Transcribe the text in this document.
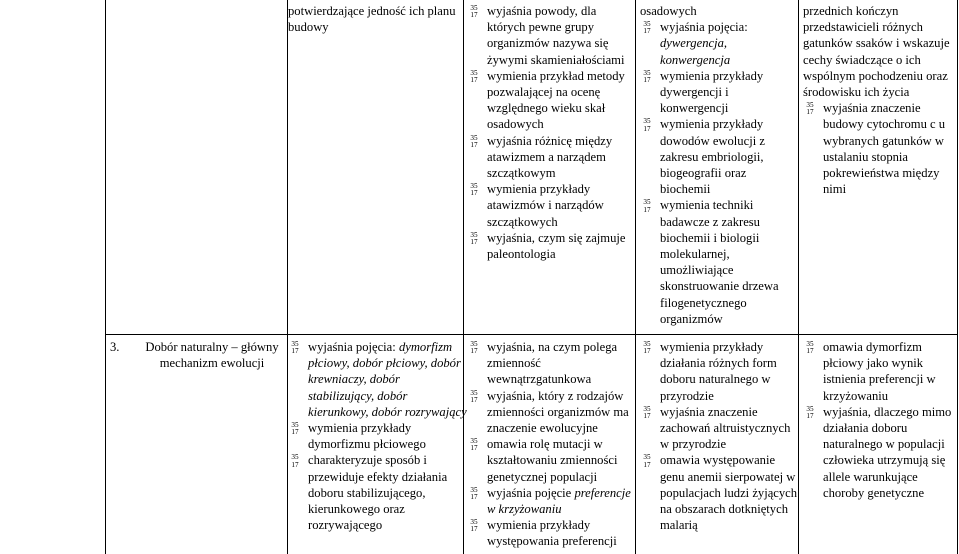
3.	Dobór naturalny – główny mechanizm ewolucji
potwierdzające jedność ich planu budowy
35
17 wyjaśnia powody, dla których pewne grupy organizmów nazywa się żywymi skamieniałościami
35
17 wymienia przykład metody pozwalającej na ocenę względnego wieku skał osadowych
35
17 wyjaśnia różnicę między atawizmem a narządem szczątkowym
35
17 wymienia przykłady atawizmów i narządów szczątkowych
35
17 wyjaśnia, czym się zajmuje paleontologia
osadowych
35
17 wyjaśnia pojęcia: dywergencja, konwergencja
35
17 wymienia przykłady dywergencji i konwergencji
35
17 wymienia przykłady dowodów ewolucji z zakresu embriologii, biogeografii oraz biochemii
35
17 wymienia techniki badawcze z zakresu biochemii i biologii molekularnej, umożliwiające skonstruowanie drzewa filogenetycznego organizmów
przednich kończyn przedstawicieli różnych gatunków ssaków i wskazuje cechy świadczące o ich wspólnym pochodzeniu oraz środowisku ich życia
35
17 wyjaśnia znaczenie budowy cytochromu c u wybranych gatunków w ustalaniu stopnia pokrewieństwa między nimi
35
17 wyjaśnia pojęcia: dymorfizm płciowy, dobór płciowy, dobór krewniaczy, dobór stabilizujący, dobór kierunkowy, dobór rozrywający
35
17 wymienia przykłady dymorfizmu płciowego
35
17 charakteryzuje sposób i przewiduje efekty działania doboru stabilizującego, kierunkowego oraz rozrywającego
35
17 wyjaśnia, na czym polega zmienność wewnątrzgatunkowa
35
17 wyjaśnia, który z rodzajów zmienności organizmów ma znaczenie ewolucyjne
35
17 omawia rolę mutacji w kształtowaniu zmienności genetycznej populacji
35
17 wyjaśnia pojęcie preferencje w krzyżowaniu
35
17 wymienia przykłady występowania preferencji
35
17 wymienia przykłady działania różnych form doboru naturalnego w przyrodzie
35
17 wyjaśnia znaczenie zachowań altruistycznych w przyrodzie
35
17 omawia występowanie genu anemii sierpowatej w populacjach ludzi żyjących na obszarach dotkniętych malarią
35
17 omawia dymorfizm płciowy jako wynik istnienia preferencji w krzyżowaniu
35
17 wyjaśnia, dlaczego mimo działania doboru naturalnego w populacji człowieka utrzymują się allele warunkujące choroby genetyczne
